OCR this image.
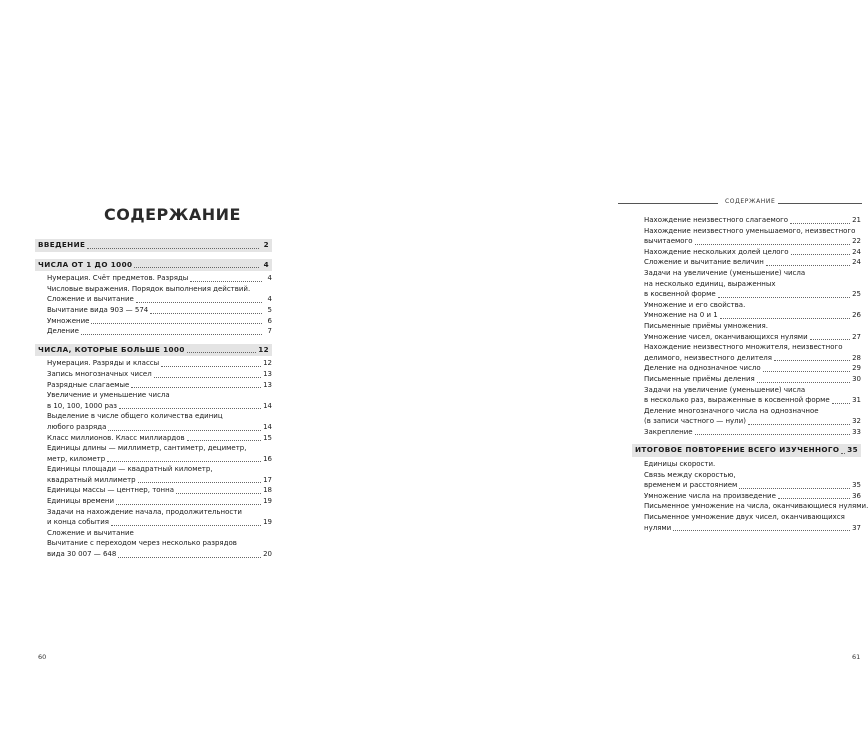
СОДЕРЖАНИЕ
ВВЕДЕНИЕ	2
ЧИСЛА ОТ 1 ДО 1000	4
Нумерация. Счёт предметов. Разряды	4
Числовые выражения. Порядок выполнения действий.
Сложение и вычитание	4
Вычитание вида 903 — 574	5
Умножение	6
Деление	7
ЧИСЛА, КОТОРЫЕ БОЛЬШЕ 1000	12
Нумерация. Разряды и классы	12
Запись многозначных чисел	13
Разрядные слагаемые	13
Увеличение и уменьшение числа
в 10, 100, 1000 раз	14
Выделение в числе общего количества единиц
любого разряда	14
Класс миллионов. Класс миллиардов	15
Единицы длины — миллиметр, сантиметр, дециметр,
метр, километр	16
Единицы площади — квадратный километр,
квадратный миллиметр	17
Единицы массы — центнер, тонна	18
Единицы времени	19
Задачи на нахождение начала, продолжительности
и конца события	19
Сложение и вычитание
Вычитание с переходом через несколько разрядов
вида 30 007 — 648	20
60
СОДЕРЖАНИЕ
Нахождение неизвестного слагаемого	21
Нахождение неизвестного уменьшаемого, неизвестного
вычитаемого	22
Нахождение нескольких долей целого	24
Сложение и вычитание величин	24
Задачи на увеличение (уменьшение) числа
на несколько единиц, выраженных
в косвенной форме	25
Умножение и его свойства.
Умножение на 0 и 1	26
Письменные приёмы умножения.
Умножение чисел, оканчивающихся нулями	27
Нахождение неизвестного множителя, неизвестного
делимого, неизвестного делителя	28
Деление на однозначное число	29
Письменные приёмы деления	30
Задачи на увеличение (уменьшение) числа
в несколько раз, выраженные в косвенной форме	31
Деление многозначного числа на однозначное
(в записи частного — нули)	32
Закрепление	33
ИТОГОВОЕ ПОВТОРЕНИЕ ВСЕГО ИЗУЧЕННОГО 35
Единицы скорости.
Связь между скоростью,
временем и расстоянием	35
Умножение числа на произведение	36
Письменное умножение на числа, оканчивающиеся нулями.
Письменное умножение двух чисел, оканчивающихся
нулями	37
61
